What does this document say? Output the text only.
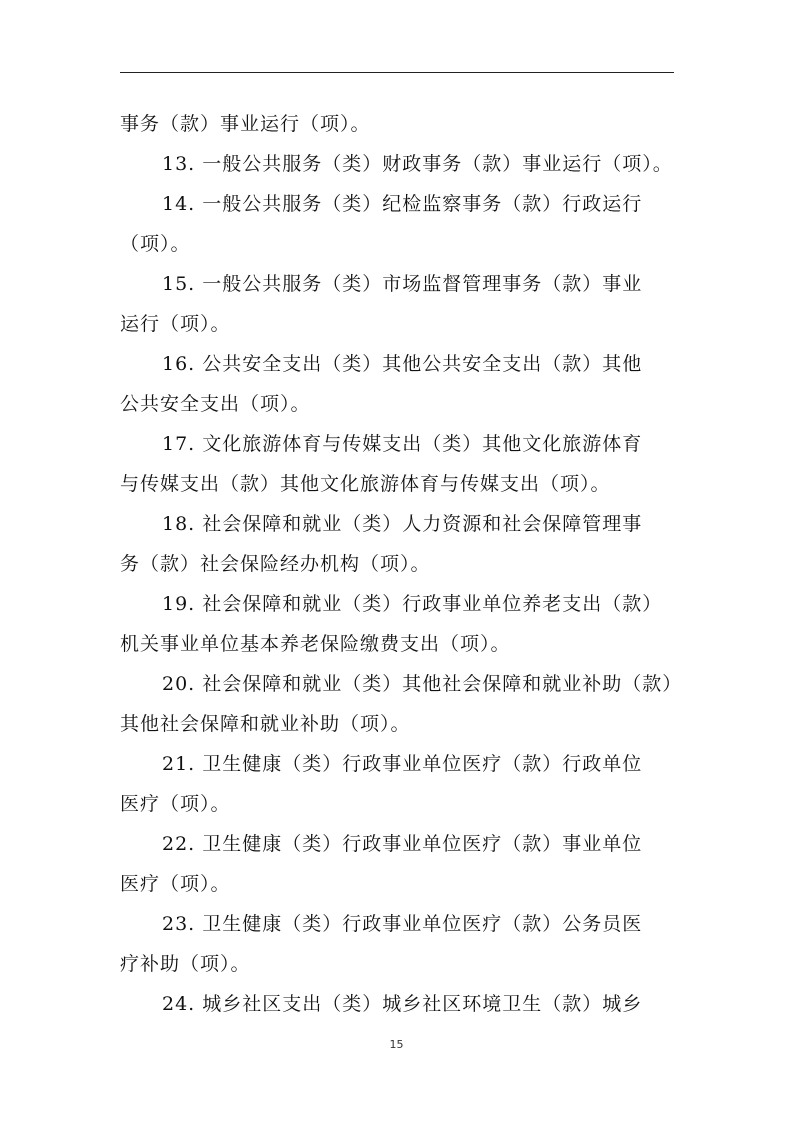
事务（款）事业运行（项）。

13. 一般公共服务（类）财政事务（款）事业运行（项）。

14. 一般公共服务（类）纪检监察事务（款）行政运行
（项）。

15. 一般公共服务（类）市场监督管理事务（款）事业
运行（项）。

16. 公共安全支出（类）其他公共安全支出（款）其他
公共安全支出（项）。

17. 文化旅游体育与传媒支出（类）其他文化旅游体育
与传媒支出（款）其他文化旅游体育与传媒支出（项）。

18. 社会保障和就业（类）人力资源和社会保障管理事
务（款）社会保险经办机构（项）。

19. 社会保障和就业（类）行政事业单位养老支出（款）
机关事业单位基本养老保险缴费支出（项）。

20. 社会保障和就业（类）其他社会保障和就业补助（款）
其他社会保障和就业补助（项）。

21. 卫生健康（类）行政事业单位医疗（款）行政单位
医疗（项）。

22. 卫生健康（类）行政事业单位医疗（款）事业单位
医疗（项）。

23. 卫生健康（类）行政事业单位医疗（款）公务员医
疗补助（项）。

24. 城乡社区支出（类）城乡社区环境卫生（款）城乡

15
